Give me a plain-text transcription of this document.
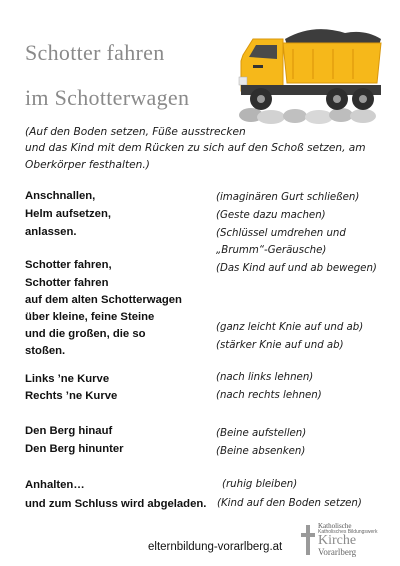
Schotter fahren
im Schotterwagen
(Auf den Boden setzen, Füße ausstrecken
und das Kind mit dem Rücken zu sich auf den Schoß setzen, am
Oberkörper festhalten.)

Anschnallen,

Helm aufsetzen,

anlassen.

Schotter fahren,

Schotter fahren

auf dem alten Schotterwagen

über kleine, feine Steine

und die großen, die so

stoßen.

Links ’ne Kurve

Rechts ’ne Kurve

Den Berg hinauf

Den Berg hinunter

Anhalten…

und zum Schluss wird abgeladen.

(imaginären Gurt schließen)

(Geste dazu machen)

(Schlüssel umdrehen und

„Brumm“-Geräusche)

(Das Kind auf und ab bewegen)

(ganz leicht Knie auf und ab)

(stärker Knie auf und ab)

(nach links lehnen)

(nach rechts lehnen)

(Beine aufstellen)

(Beine absenken)

(ruhig bleiben)

(Kind auf den Boden setzen)

elternbildung-vorarlberg.at
Katholische
Katholisches Bildungswerk
Kirche
Vorarlberg
